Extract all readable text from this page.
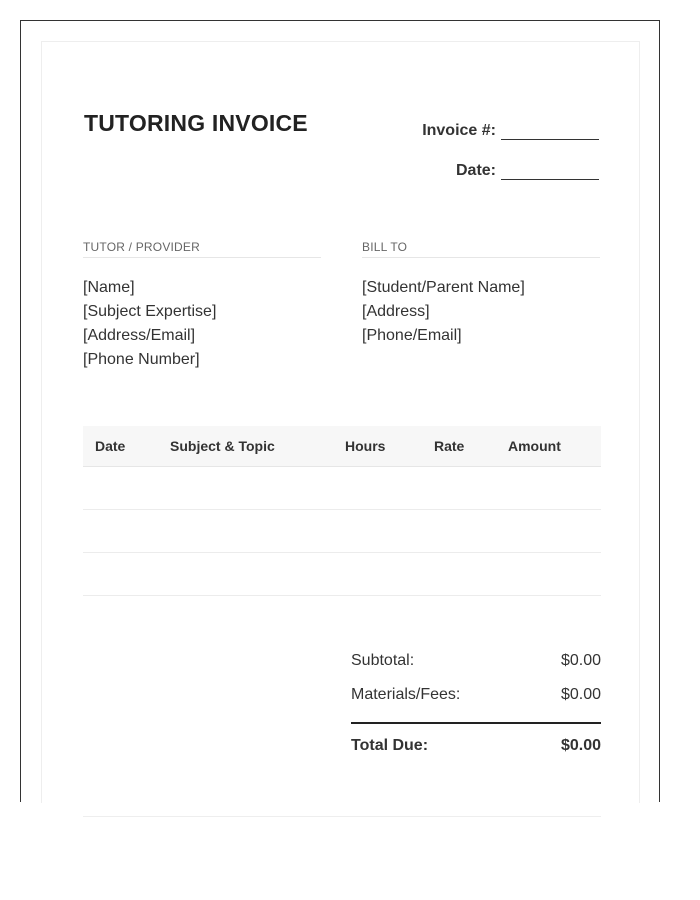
TUTORING INVOICE	Invoice #:
Date:
TUTOR / PROVIDER
[Name]
[Subject Expertise]
[Address/Email]
[Phone Number]
BILL TO
[Student/Parent Name]
[Address]
[Phone/Email]
Date	Subject & Topic	Hours	Rate	Amount
Subtotal:	$0.00
Materials/Fees:	$0.00
Total Due:	$0.00
